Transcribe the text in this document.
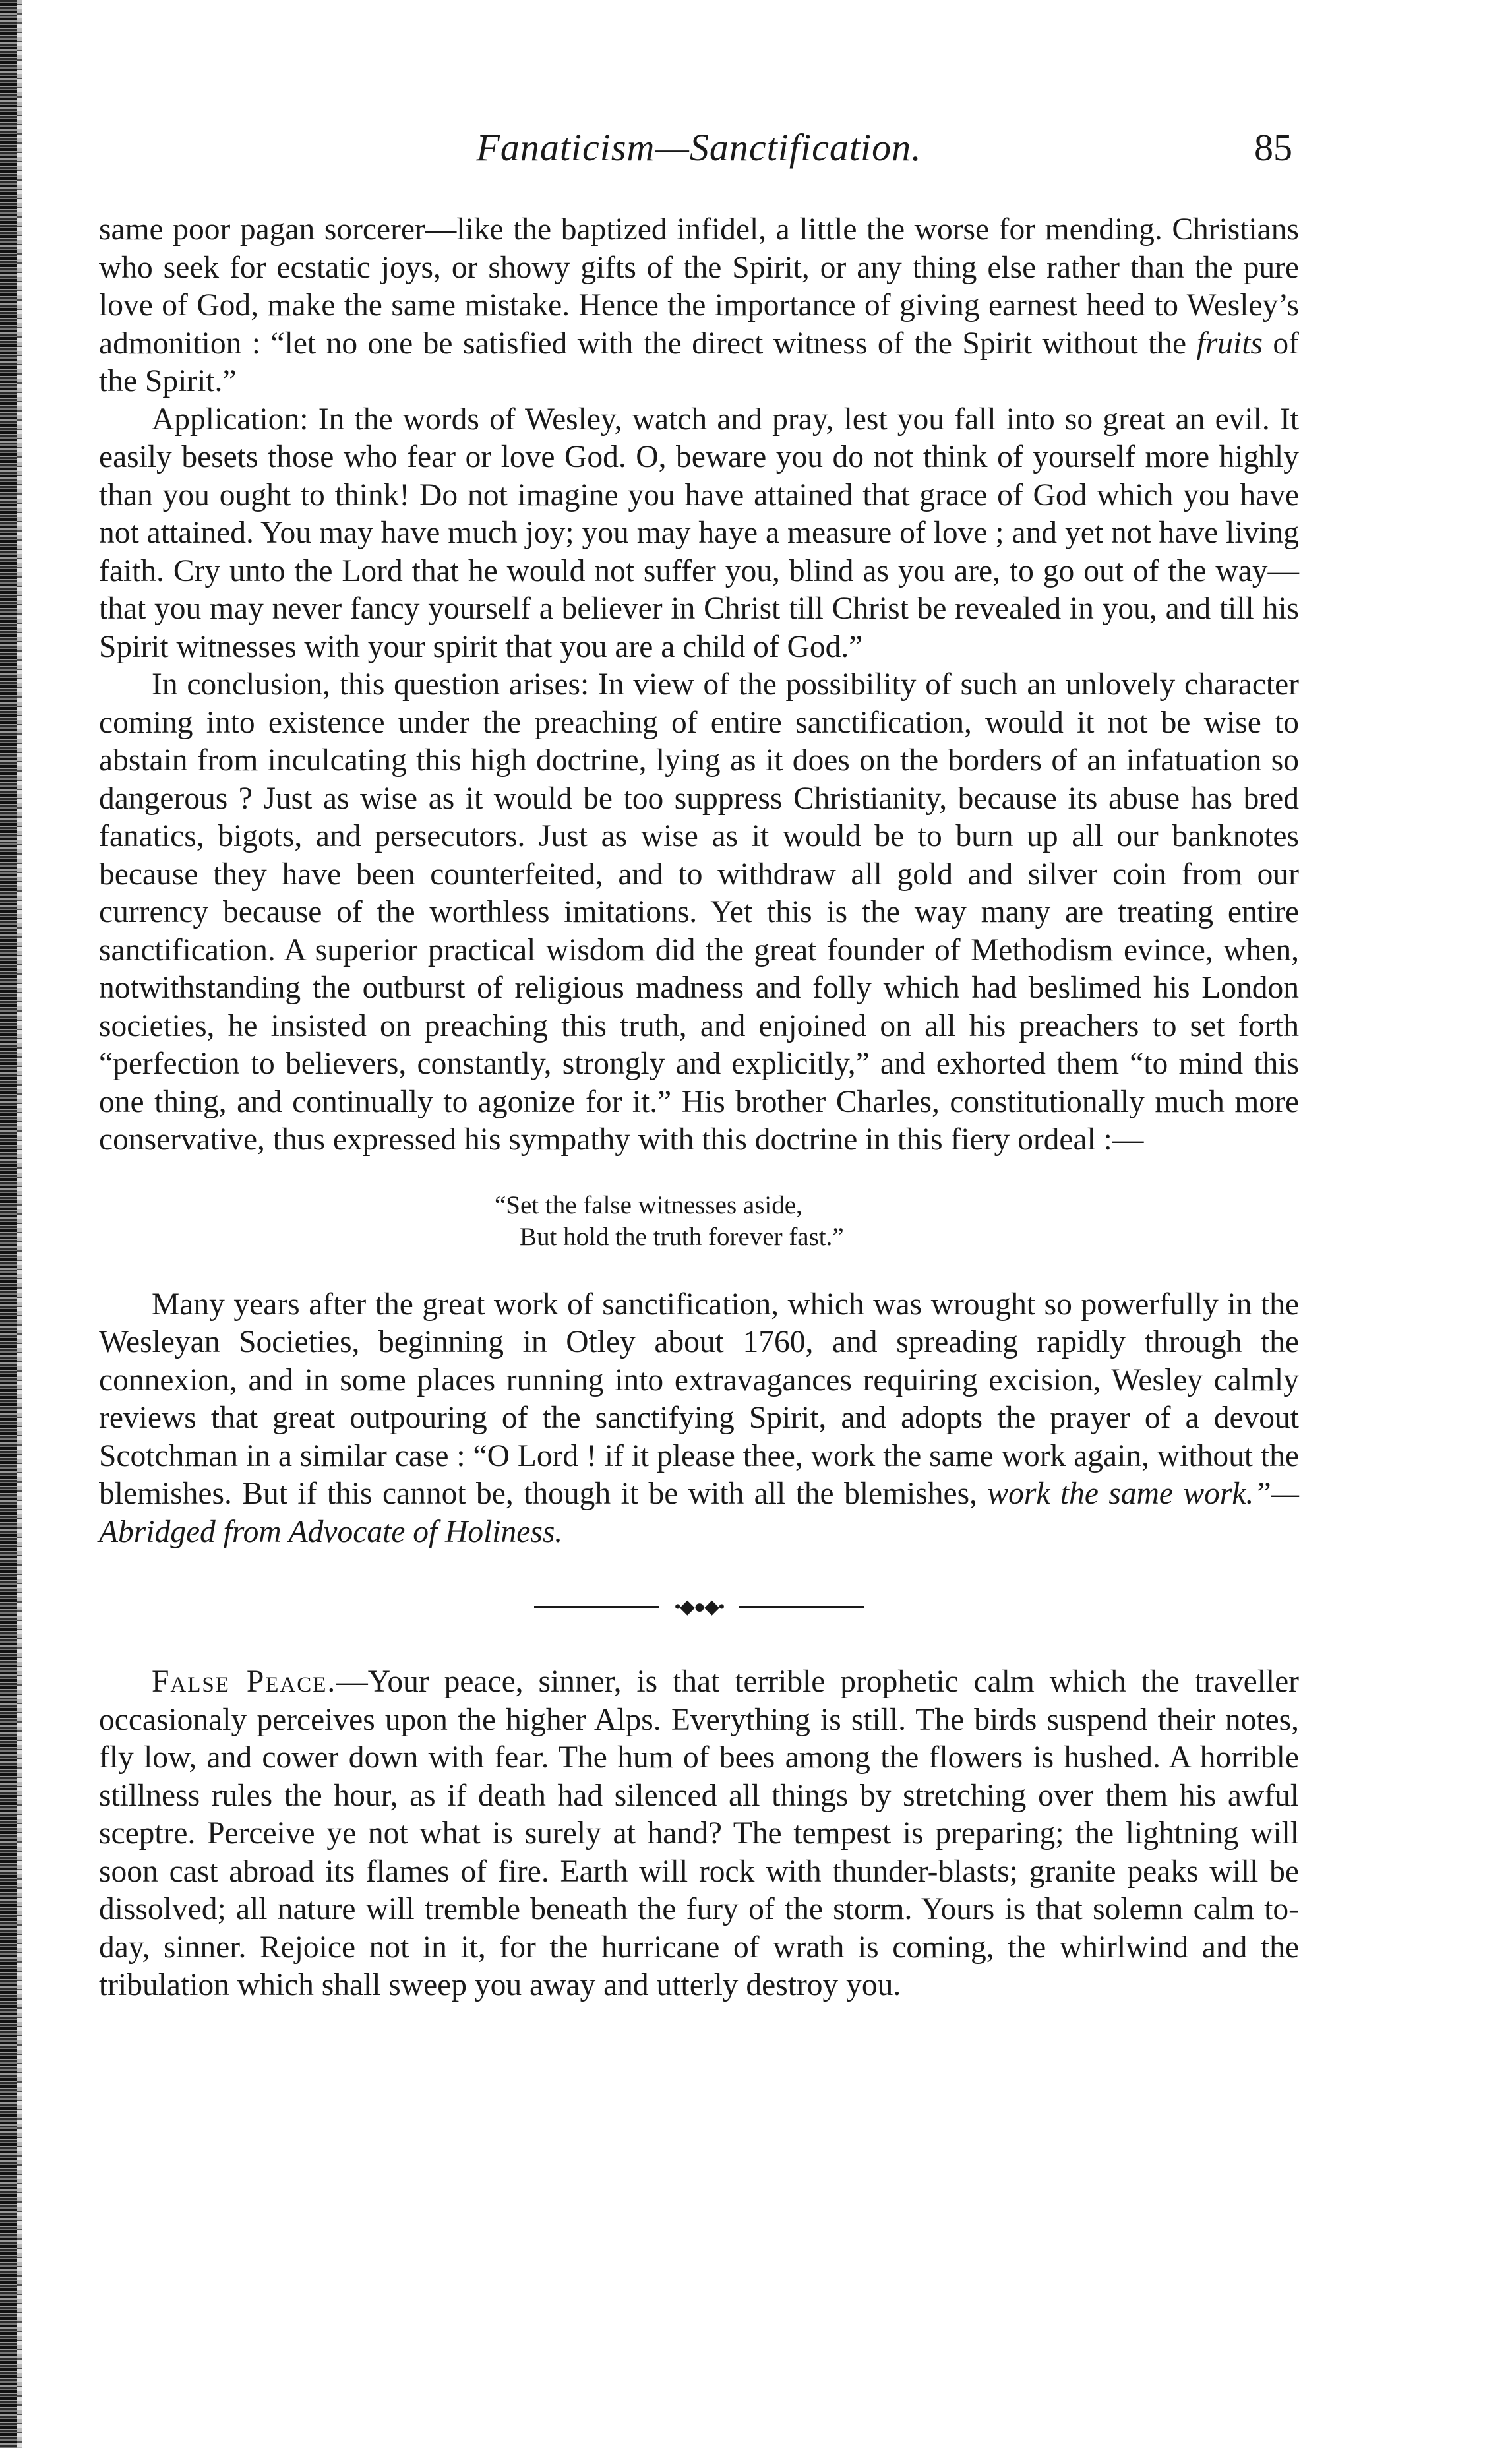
Fanaticism—Sanctification.	85

same poor pagan sorcerer—like the baptized infidel, a little the worse for mending. Christians who seek for ecstatic joys, or showy gifts of the Spirit, or any thing else rather than the pure love of God, make the same mistake. Hence the importance of giving earnest heed to Wesley’s admonition : “let no one be satisfied with the direct witness of the Spirit without the fruits of the Spirit.”

Application: In the words of Wesley, watch and pray, lest you fall into so great an evil. It easily besets those who fear or love God. O, beware you do not think of yourself more highly than you ought to think! Do not imagine you have attained that grace of God which you have not attained. You may have much joy; you may haye a measure of love ; and yet not have living faith. Cry unto the Lord that he would not suffer you, blind as you are, to go out of the way—that you may never fancy yourself a believer in Christ till Christ be revealed in you, and till his Spirit witnesses with your spirit that you are a child of God.”

In conclusion, this question arises: In view of the possibility of such an unlovely character coming into existence under the preaching of entire sanctification, would it not be wise to abstain from inculcating this high doctrine, lying as it does on the borders of an infatuation so dangerous ? Just as wise as it would be too suppress Christianity, because its abuse has bred fanatics, bigots, and persecutors. Just as wise as it would be to burn up all our banknotes because they have been counterfeited, and to withdraw all gold and silver coin from our currency because of the worthless imitations. Yet this is the way many are treating entire sanctification. A superior practical wisdom did the great founder of Methodism evince, when, notwithstanding the outburst of religious madness and folly which had beslimed his London societies, he insisted on preaching this truth, and enjoined on all his preachers to set forth “perfection to believers, constantly, strongly and explicitly,” and exhorted them “to mind this one thing, and continually to agonize for it.” His brother Charles, constitutionally much more conservative, thus expressed his sympathy with this doctrine in this fiery ordeal :—

“Set the false witnesses aside,
But hold the truth forever fast.”

Many years after the great work of sanctification, which was wrought so powerfully in the Wesleyan Societies, beginning in Otley about 1760, and spreading rapidly through the connexion, and in some places running into extravagances requiring excision, Wesley calmly reviews that great outpouring of the sanctifying Spirit, and adopts the prayer of a devout Scotchman in a similar case : “O Lord ! if it please thee, work the same work again, without the blemishes. But if this cannot be, though it be with all the blemishes, work the same work.”—Abridged from Advocate of Holiness.

•◆●◆•

False Peace.—Your peace, sinner, is that terrible prophetic calm which the traveller occasionaly perceives upon the higher Alps. Everything is still. The birds suspend their notes, fly low, and cower down with fear. The hum of bees among the flowers is hushed. A horrible stillness rules the hour, as if death had silenced all things by stretching over them his awful sceptre. Perceive ye not what is surely at hand? The tempest is preparing; the lightning will soon cast abroad its flames of fire. Earth will rock with thunder-blasts; granite peaks will be dissolved; all nature will tremble beneath the fury of the storm. Yours is that solemn calm to-day, sinner. Rejoice not in it, for the hurricane of wrath is coming, the whirlwind and the tribulation which shall sweep you away and utterly destroy you.
